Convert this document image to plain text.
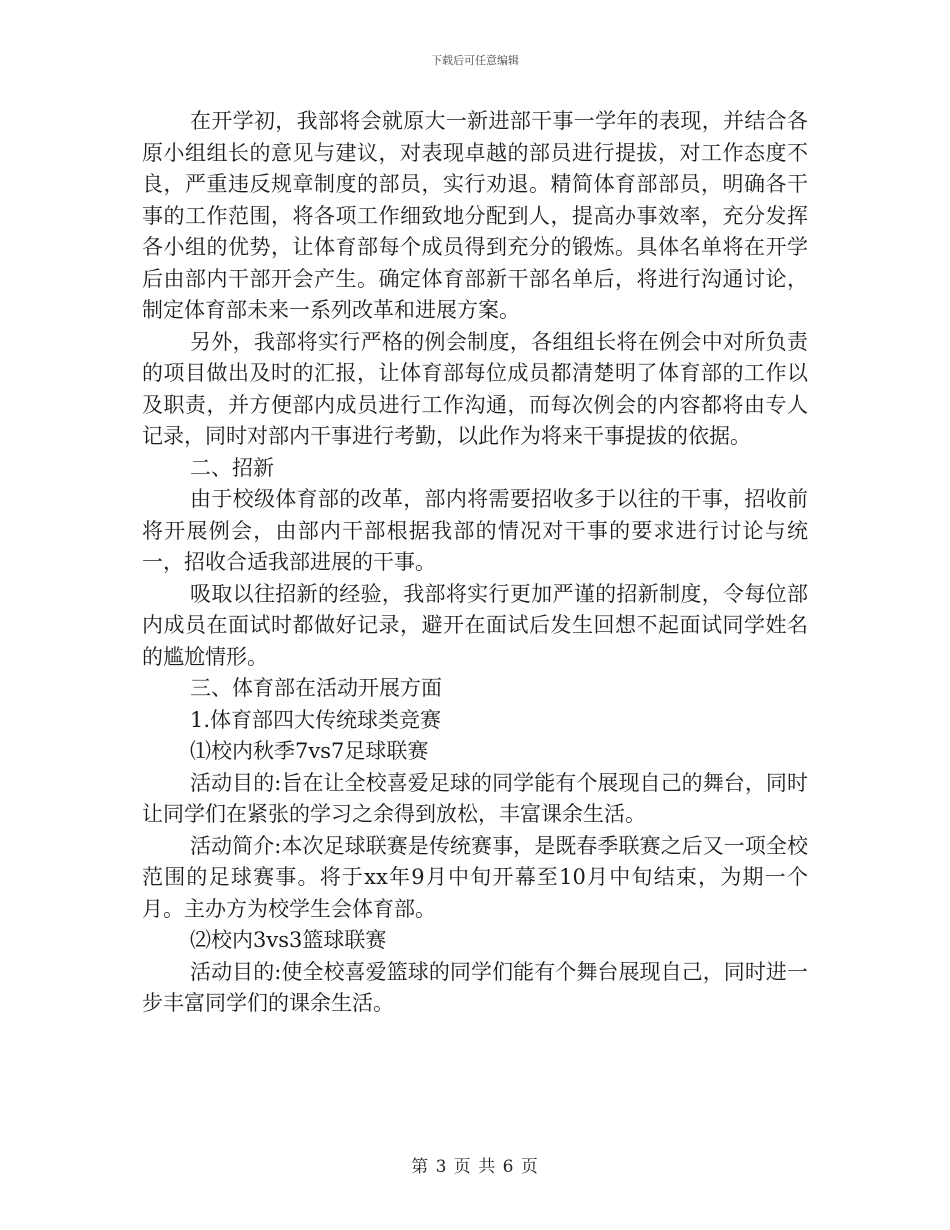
下载后可任意编辑

在开学初，我部将会就原大一新进部干事一学年的表现，并结合各原小组组长的意见与建议，对表现卓越的部员进行提拔，对工作态度不良，严重违反规章制度的部员，实行劝退。精简体育部部员，明确各干事的工作范围，将各项工作细致地分配到人，提高办事效率，充分发挥各小组的优势，让体育部每个成员得到充分的锻炼。具体名单将在开学后由部内干部开会产生。确定体育部新干部名单后，将进行沟通讨论，制定体育部未来一系列改革和进展方案。

另外，我部将实行严格的例会制度，各组组长将在例会中对所负责的项目做出及时的汇报，让体育部每位成员都清楚明了体育部的工作以及职责，并方便部内成员进行工作沟通，而每次例会的内容都将由专人记录，同时对部内干事进行考勤，以此作为将来干事提拔的依据。

二、招新

由于校级体育部的改革，部内将需要招收多于以往的干事，招收前将开展例会，由部内干部根据我部的情况对干事的要求进行讨论与统一，招收合适我部进展的干事。

吸取以往招新的经验，我部将实行更加严谨的招新制度，令每位部内成员在面试时都做好记录，避开在面试后发生回想不起面试同学姓名的尴尬情形。

三、体育部在活动开展方面

1.体育部四大传统球类竞赛

⑴校内秋季7vs7足球联赛

活动目的:旨在让全校喜爱足球的同学能有个展现自己的舞台，同时让同学们在紧张的学习之余得到放松，丰富课余生活。

活动简介:本次足球联赛是传统赛事，是既春季联赛之后又一项全校范围的足球赛事。将于xx年9月中旬开幕至10月中旬结束，为期一个月。主办方为校学生会体育部。

⑵校内3vs3篮球联赛

活动目的:使全校喜爱篮球的同学们能有个舞台展现自己，同时进一步丰富同学们的课余生活。

第 3 页 共 6 页
